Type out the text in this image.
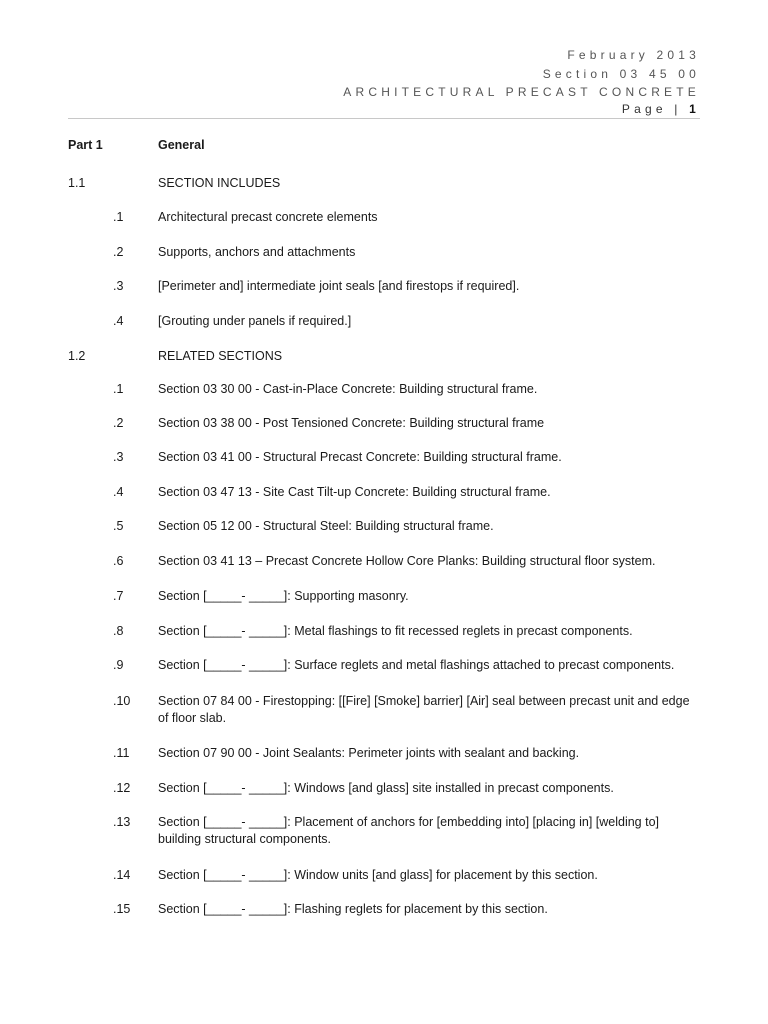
February 2013
Section 03 45 00
ARCHITECTURAL PRECAST CONCRETE
Page | 1
Part 1	General
1.1	SECTION INCLUDES
.1	Architectural precast concrete elements
.2	Supports, anchors and attachments
.3	[Perimeter and] intermediate joint seals [and firestops if required].
.4	[Grouting under panels if required.]
1.2	RELATED SECTIONS
.1	Section 03 30 00 - Cast-in-Place Concrete: Building structural frame.
.2	Section 03 38 00 - Post Tensioned Concrete: Building structural frame
.3	Section 03 41 00 - Structural Precast Concrete: Building structural frame.
.4	Section 03 47 13 - Site Cast Tilt-up Concrete: Building structural frame.
.5	Section 05 12 00 - Structural Steel: Building structural frame.
.6	Section 03 41 13 – Precast Concrete Hollow Core Planks: Building structural floor system.
.7	Section [_____- _____]: Supporting masonry.
.8	Section [_____- _____]: Metal flashings to fit recessed reglets in precast components.
.9	Section [_____- _____]: Surface reglets and metal flashings attached to precast components.
.10 Section 07 84 00 - Firestopping: [[Fire] [Smoke] barrier] [Air] seal between precast unit and edge of floor slab.
.11 Section 07 90 00 - Joint Sealants: Perimeter joints with sealant and backing.
.12 Section [_____- _____]: Windows [and glass] site installed in precast components.
.13 Section [_____- _____]: Placement of anchors for [embedding into] [placing in] [welding to] building structural components.
.14 Section [_____- _____]: Window units [and glass] for placement by this section.
.15 Section [_____- _____]: Flashing reglets for placement by this section.
